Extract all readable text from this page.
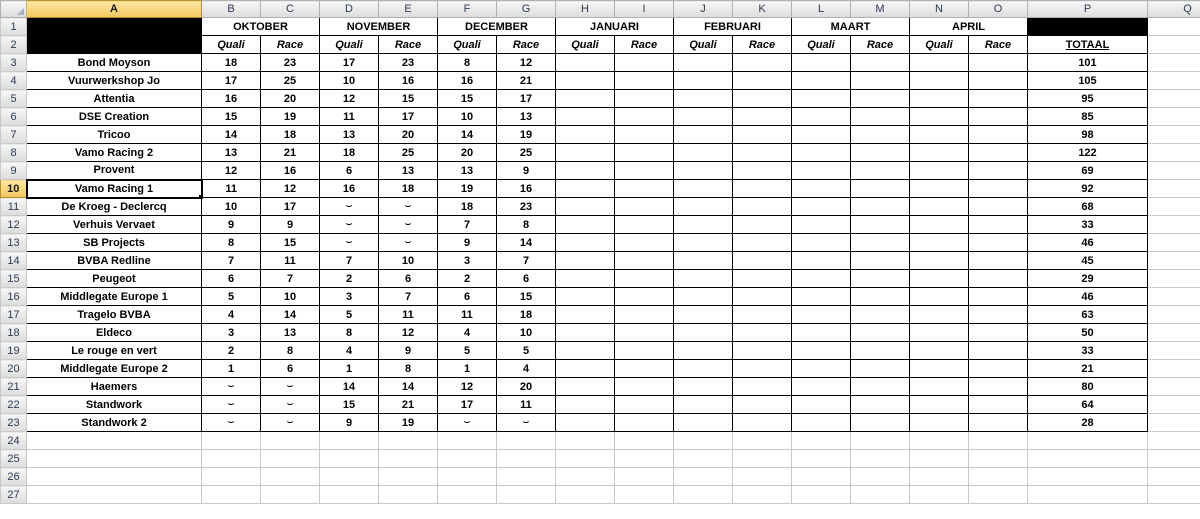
	A	B	C	D	E	F	G	H	I	J	K	L	M	N	O	P	Q
1		OKTOBER		NOVEMBER		DECEMBER		JANUARI		FEBRUARI		MAART		APRIL			
2		Quali	Race	Quali	Race	Quali	Race	Quali	Race	Quali	Race	Quali	Race	Quali	Race	TOTAAL	
3	Bond Moyson	18	23	17	23	8	12									101	
4	Vuurwerkshop Jo	17	25	10	16	16	21									105	
5	Attentia	16	20	12	15	15	17									95	
6	DSE Creation	15	19	11	17	10	13									85	
7	Tricoo	14	18	13	20	14	19									98	
8	Vamo Racing 2	13	21	18	25	20	25									122	
9	Provent	12	16	6	13	13	9									69	
10	Vamo Racing 1	11	12	16	18	19	16									92	
11	De Kroeg - Declercq	10	17	⌣	⌣	18	23									68	
12	Verhuis Vervaet	9	9	⌣	⌣	7	8									33	
13	SB Projects	8	15	⌣	⌣	9	14									46	
14	BVBA Redline	7	11	7	10	3	7									45	
15	Peugeot	6	7	2	6	2	6									29	
16	Middlegate Europe 1	5	10	3	7	6	15									46	
17	Tragelo BVBA	4	14	5	11	11	18									63	
18	Eldeco	3	13	8	12	4	10									50	
19	Le rouge en vert	2	8	4	9	5	5									33	
20	Middlegate Europe 2	1	6	1	8	1	4									21	
21	Haemers	⌣	⌣	14	14	12	20									80	
22	Standwork	⌣	⌣	15	21	17	11									64	
23	Standwork 2	⌣	⌣	9	19	⌣	⌣									28	
24																	
25																	
26																	
27																	
